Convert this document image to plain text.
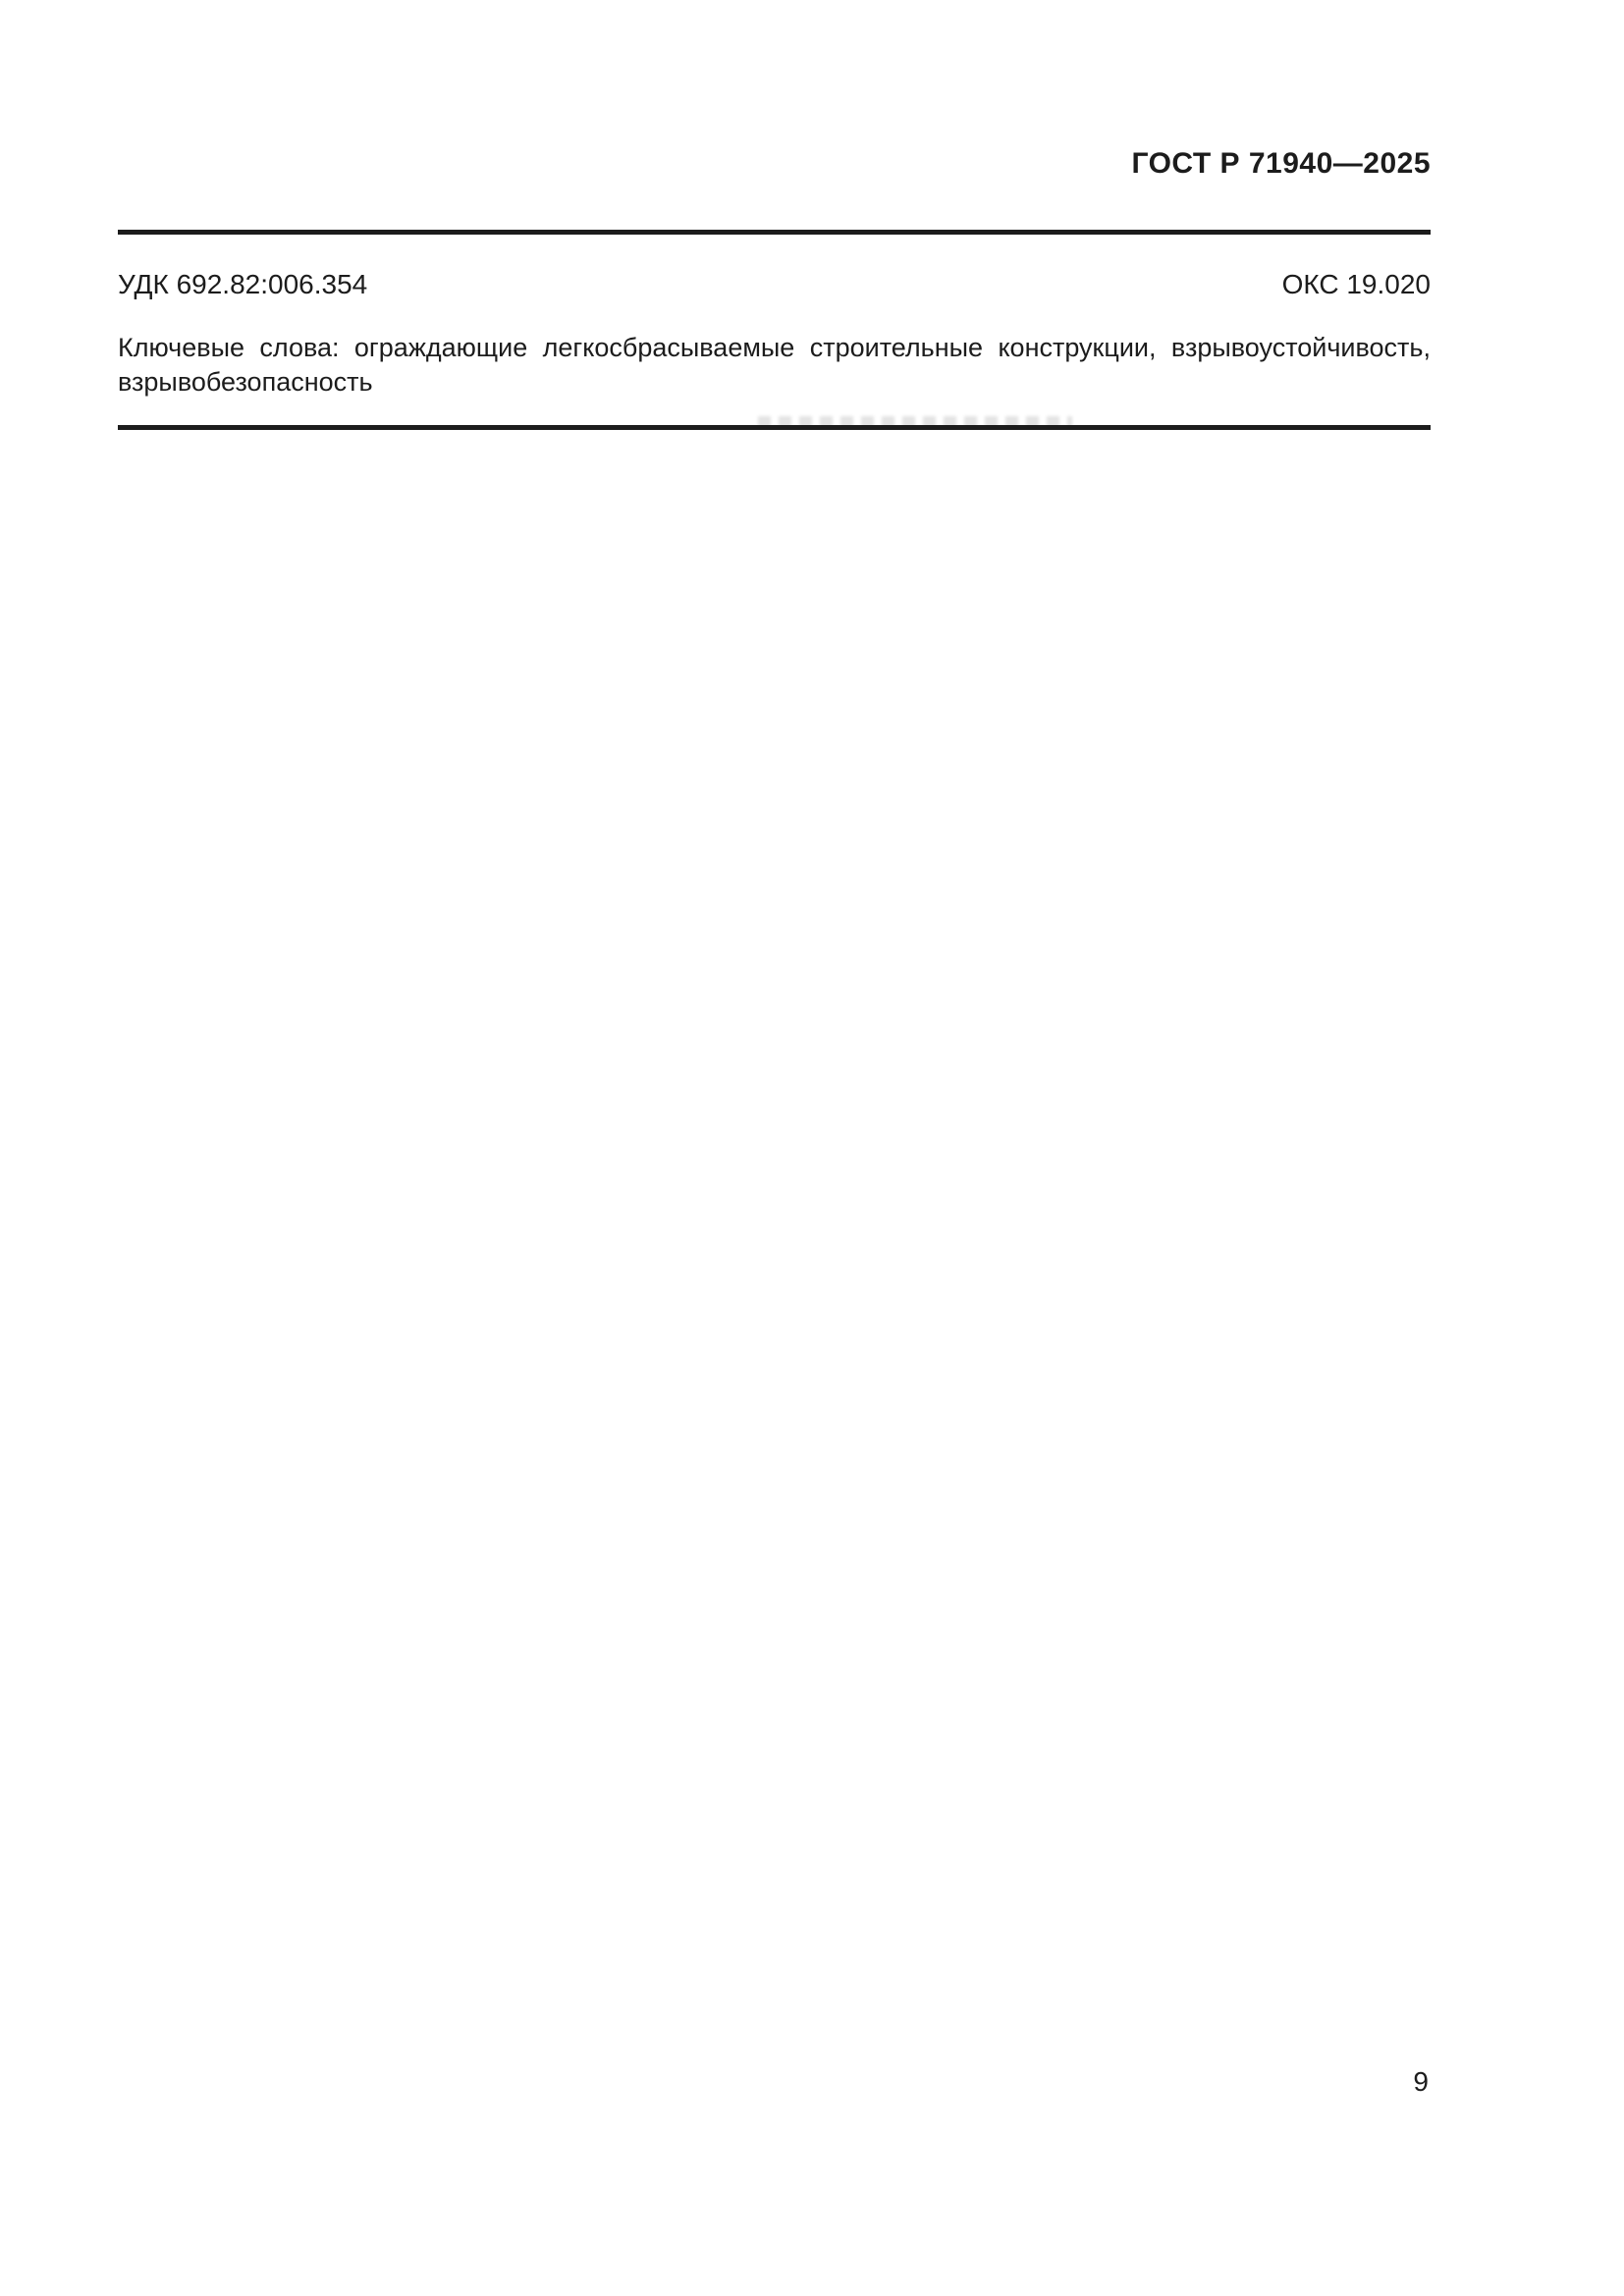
ГОСТ Р 71940—2025
УДК 692.82:006.354	ОКС 19.020
Ключевые слова: ограждающие легкосбрасываемые строительные конструкции, взрывоустойчивость,
взрывобезопасность
9
